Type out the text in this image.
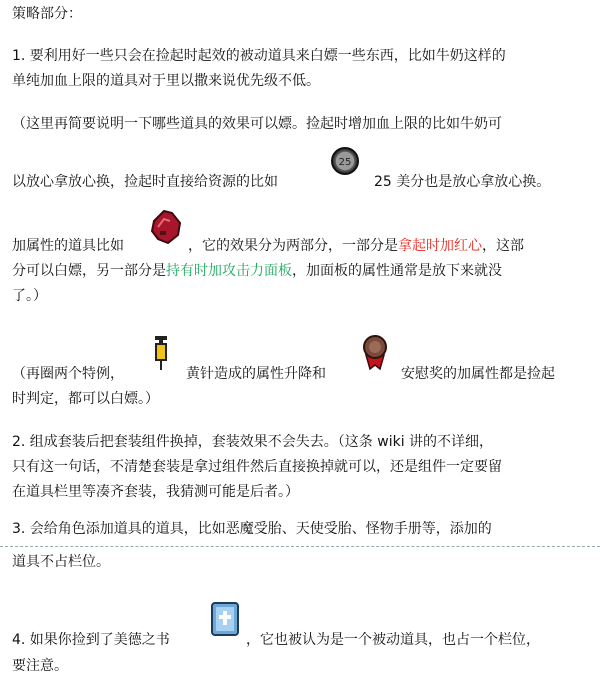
策略部分：
1. 要利用好一些只会在捡起时起效的被动道具来白嫖一些东西，比如牛奶这样的
单纯加血上限的道具对于里以撒来说优先级不低。
（这里再简要说明一下哪些道具的效果可以嫖。捡起时增加血上限的比如牛奶可
以放心拿放心换，捡起时直接给资源的比如
25
25 美分也是放心拿放心换。
加属性的道具比如	，它的效果分为两部分，一部分是拿起时加红心，这部
分可以白嫖，另一部分是持有时加攻击力面板，加面板的属性通常是放下来就没
了。）
（再圈两个特例，	黄针造成的属性升降和	安慰奖的加属性都是捡起
时判定，都可以白嫖。）
2. 组成套装后把套装组件换掉，套装效果不会失去。（这条 wiki 讲的不详细，
只有这一句话，不清楚套装是拿过组件然后直接换掉就可以，还是组件一定要留
在道具栏里等凑齐套装，我猜测可能是后者。）
3. 会给角色添加道具的道具，比如恶魔受胎、天使受胎、怪物手册等，添加的
道具不占栏位。
4. 如果你捡到了美德之书	，它也被认为是一个被动道具，也占一个栏位，
要注意。
